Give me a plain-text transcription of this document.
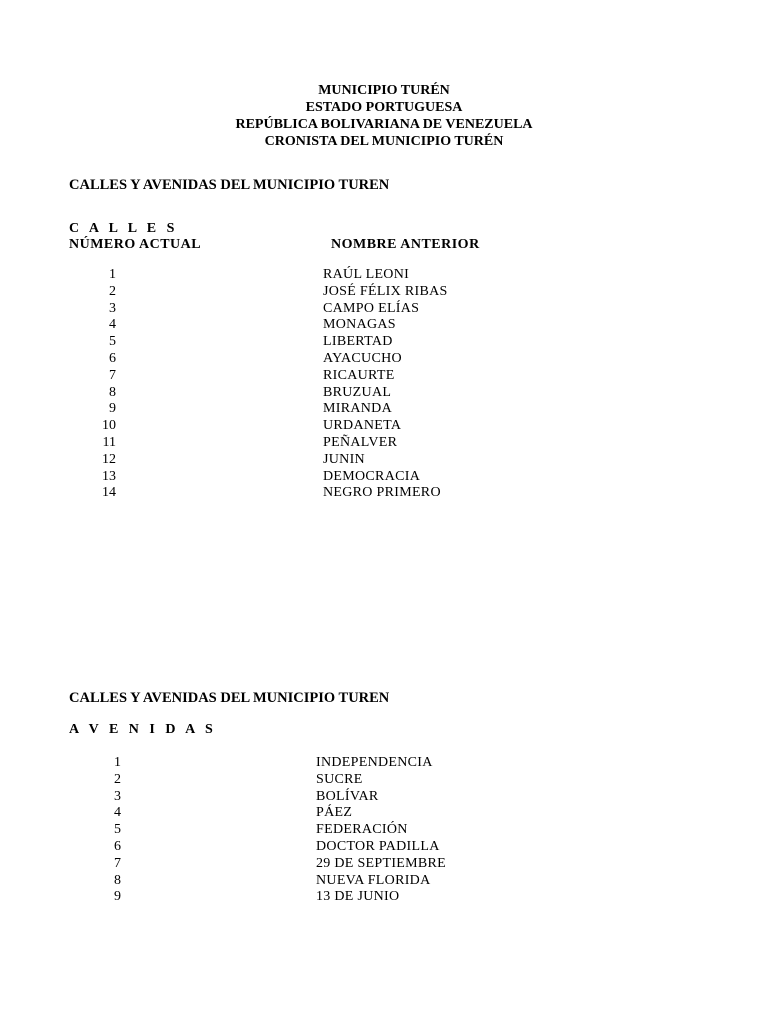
MUNICIPIO TURÉN
ESTADO PORTUGUESA
REPÚBLICA BOLIVARIANA DE VENEZUELA
CRONISTA DEL MUNICIPIO TURÉN
CALLES Y AVENIDAS DEL MUNICIPIO TUREN
C A L L E S
NÚMERO ACTUAL	NOMBRE ANTERIOR
1	RAÚL LEONI
2	JOSÉ FÉLIX RIBAS
3	CAMPO ELÍAS
4	MONAGAS
5	LIBERTAD
6	AYACUCHO
7	RICAURTE
8	BRUZUAL
9	MIRANDA
10	URDANETA
11	PEÑALVER
12	JUNIN
13	DEMOCRACIA
14	NEGRO PRIMERO
CALLES Y AVENIDAS DEL MUNICIPIO TUREN
A V E N I D A S
1	INDEPENDENCIA
2	SUCRE
3	BOLÍVAR
4	PÁEZ
5	FEDERACIÓN
6	DOCTOR PADILLA
7	29 DE SEPTIEMBRE
8	NUEVA FLORIDA
9	13 DE JUNIO
